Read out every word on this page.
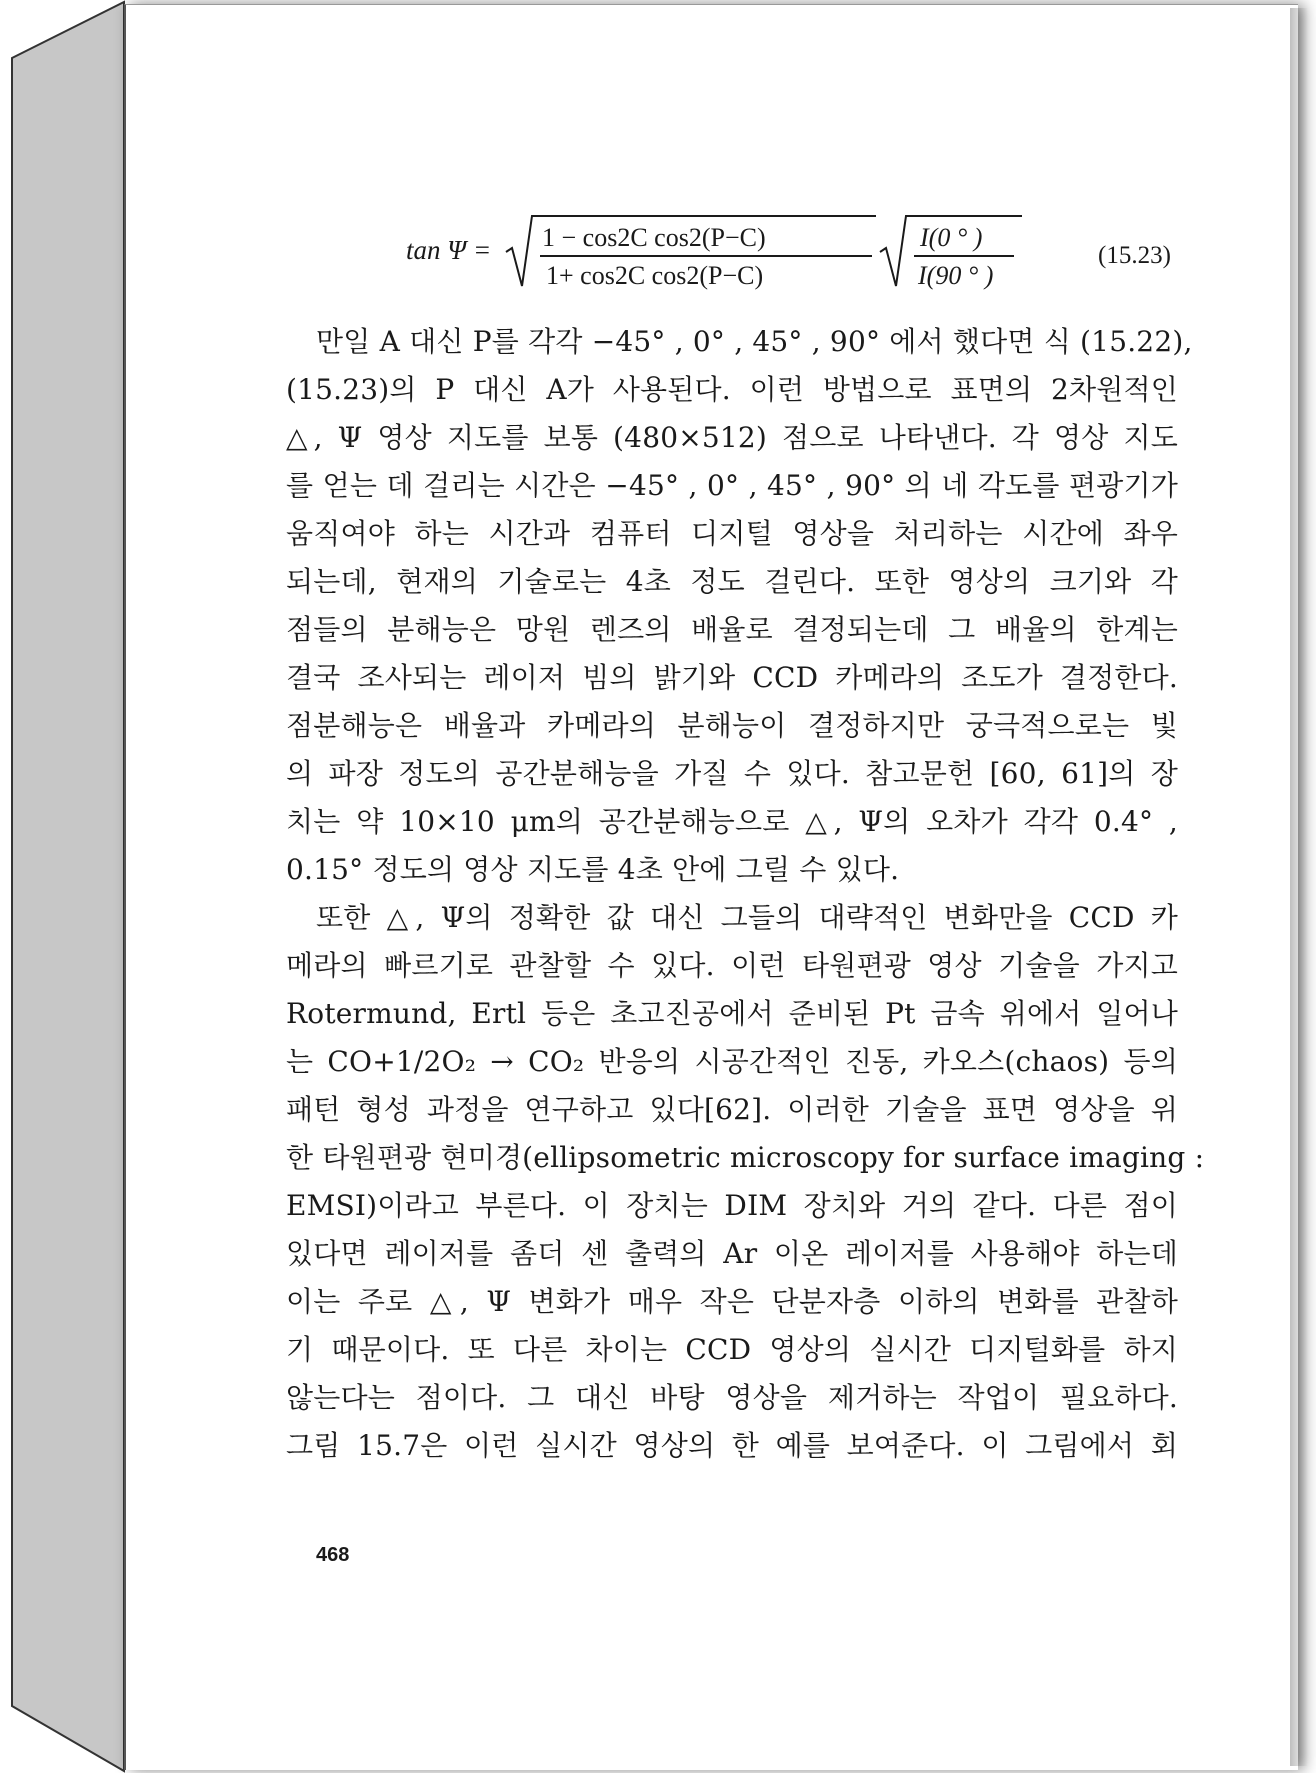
tan Ψ = 1 − cos2C cos2(P−C)
1+ cos2C cos2(P−C)
I(0 ° )
I(90 ° )
(15.23)
만일 A 대신 P를 각각 −45° , 0° , 45° , 90° 에서 했다면 식 (15.22),
(15.23)의 P 대신 A가 사용된다. 이런 방법으로 표면의 2차원적인
△, Ψ 영상 지도를 보통 (480×512) 점으로 나타낸다. 각 영상 지도
를 얻는 데 걸리는 시간은 −45° , 0° , 45° , 90° 의 네 각도를 편광기가
움직여야 하는 시간과 컴퓨터 디지털 영상을 처리하는 시간에 좌우
되는데, 현재의 기술로는 4초 정도 걸린다. 또한 영상의 크기와 각
점들의 분해능은 망원 렌즈의 배율로 결정되는데 그 배율의 한계는
결국 조사되는 레이저 빔의 밝기와 CCD 카메라의 조도가 결정한다.
점분해능은 배율과 카메라의 분해능이 결정하지만 궁극적으로는 빛
의 파장 정도의 공간분해능을 가질 수 있다. 참고문헌 [60, 61]의 장
치는 약 10×10 μm의 공간분해능으로 △, Ψ의 오차가 각각 0.4° ,
0.15° 정도의 영상 지도를 4초 안에 그릴 수 있다.
또한 △, Ψ의 정확한 값 대신 그들의 대략적인 변화만을 CCD 카
메라의 빠르기로 관찰할 수 있다. 이런 타원편광 영상 기술을 가지고
Rotermund, Ertl 등은 초고진공에서 준비된 Pt 금속 위에서 일어나
는 CO+1/2O₂ → CO₂ 반응의 시공간적인 진동, 카오스(chaos) 등의
패턴 형성 과정을 연구하고 있다[62]. 이러한 기술을 표면 영상을 위
한 타원편광 현미경(ellipsometric microscopy for surface imaging :
EMSI)이라고 부른다. 이 장치는 DIM 장치와 거의 같다. 다른 점이
있다면 레이저를 좀더 센 출력의 Ar 이온 레이저를 사용해야 하는데
이는 주로 △, Ψ 변화가 매우 작은 단분자층 이하의 변화를 관찰하
기 때문이다. 또 다른 차이는 CCD 영상의 실시간 디지털화를 하지
않는다는 점이다. 그 대신 바탕 영상을 제거하는 작업이 필요하다.
그림 15.7은 이런 실시간 영상의 한 예를 보여준다. 이 그림에서 회
468
